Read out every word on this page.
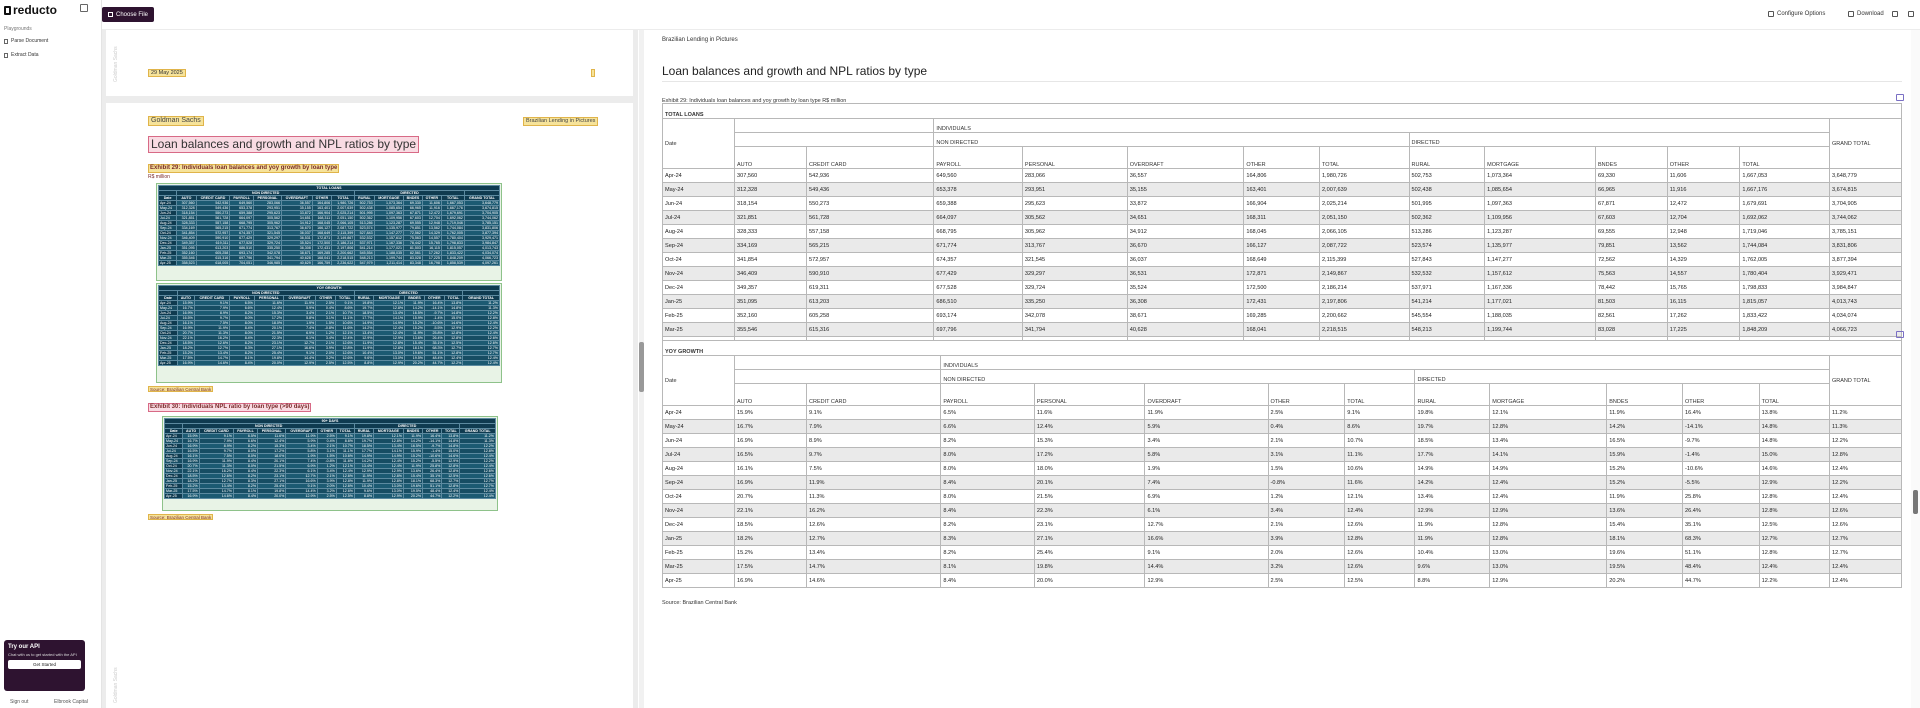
reducto
Playgrounds
Parse Document
Extract Data
Try our API
Chat with us to get started with the API
Get Started
Sign out	Elbrook Capital
Choose File	Configure Options	Download
Goldman Sachs	29 May 2025
Goldman Sachs
Goldman Sachs	Brazilian Lending in Pictures
Loan balances and growth and NPL ratios by type
Exhibit 29: Individuals loan balances and yoy growth by loan type
R$ million
TOTAL LOANS													
	NON DIRECTED							DIRECTED					
Date	AUTO	CREDIT CARD	PAYROLL	PERSONAL	OVERDRAFT	OTHER	TOTAL	RURAL	MORTGAGE	BNDES	OTHER	TOTAL	GRAND TOTAL
Apr-24	307,560	542,936	649,560	283,066	36,557	164,806	1,980,726	502,753	1,073,364	69,330	11,606	1,667,053	3,648,779
May-24	312,328	549,436	653,378	293,951	35,155	163,401	2,007,639	502,438	1,085,654	66,965	11,916	1,667,176	3,674,815
Jun-24	318,154	550,273	659,388	295,623	33,872	166,904	2,025,214	501,995	1,097,363	67,871	12,472	1,679,691	3,704,905
Jul-24	321,851	561,728	664,097	305,562	34,651	168,311	2,051,150	502,362	1,109,956	67,603	12,704	1,692,062	3,744,062
Aug-24	328,333	557,158	668,795	305,962	34,912	168,045	2,066,105	513,286	1,123,287	69,555	12,948	1,719,046	3,785,151
Sep-24	334,169	565,215	671,774	313,767	36,670	166,127	2,087,722	523,574	1,135,977	79,851	13,562	1,744,084	3,831,806
Oct-24	341,854	572,957	674,357	321,545	36,037	168,649	2,115,399	527,843	1,147,277	72,562	14,329	1,762,005	3,877,394
Nov-24	346,409	590,910	677,429	329,297	36,531	172,871	2,149,867	532,532	1,157,612	75,563	14,557	1,780,404	3,929,471
Dec-24	349,357	619,311	677,528	329,724	35,524	172,500	2,186,214	537,971	1,167,336	78,442	15,765	1,798,833	3,984,847
Jan-25	351,095	613,203	686,510	335,250	36,308	172,431	2,197,806	541,214	1,177,021	81,503	16,115	1,815,057	4,013,743
Feb-25	352,160	605,258	693,174	342,078	38,671	169,285	2,200,662	545,554	1,188,035	82,561	17,262	1,833,422	4,034,074
Mar-25	355,546	615,316	697,796	341,794	40,628	168,041	2,218,515	548,213	1,199,744	83,028	17,225	1,848,209	4,066,723
Apr-25	358,523	618,005	704,051	346,985	40,629	166,759	2,236,622	547,979	1,211,414	83,348	16,798	1,858,539	4,097,261
YOY GROWTH													
	NON DIRECTED							DIRECTED					
Date	AUTO	CREDIT CARD	PAYROLL	PERSONAL	OVERDRAFT	OTHER	TOTAL	RURAL	MORTGAGE	BNDES	OTHER	TOTAL	GRAND TOTAL
Apr-24	15.9%	9.1%	6.5%	11.6%	11.9%	2.5%	9.1%	19.8%	12.1%	11.9%	16.4%	13.8%	11.2%
May-24	16.7%	7.9%	6.6%	12.4%	5.9%	0.4%	8.6%	19.7%	12.8%	14.2%	-14.1%	14.8%	11.3%
Jun-24	16.9%	8.9%	8.2%	15.3%	3.4%	2.1%	10.7%	18.5%	13.4%	16.5%	-9.7%	14.8%	12.2%
Jul-24	16.5%	9.7%	8.0%	17.2%	5.8%	3.1%	11.1%	17.7%	14.1%	15.9%	-1.4%	15.0%	12.8%
Aug-24	16.1%	7.5%	8.0%	18.0%	1.9%	1.5%	10.6%	14.9%	14.9%	15.2%	-10.6%	14.6%	12.4%
Sep-24	16.9%	11.9%	8.4%	20.1%	7.4%	-0.8%	11.6%	14.2%	12.4%	15.2%	-5.5%	12.9%	12.2%
Oct-24	20.7%	11.3%	8.0%	21.5%	6.9%	1.2%	12.1%	13.4%	12.4%	11.9%	25.8%	12.8%	12.4%
Nov-24	22.1%	16.2%	8.4%	22.3%	6.1%	3.4%	12.4%	12.9%	12.9%	13.6%	26.4%	12.8%	12.6%
Dec-24	18.5%	12.6%	8.2%	23.1%	12.7%	2.1%	12.6%	11.9%	12.8%	15.4%	35.1%	12.5%	12.6%
Jan-25	18.2%	12.7%	8.3%	27.1%	16.6%	3.9%	12.8%	11.9%	12.8%	18.1%	68.3%	12.7%	12.7%
Feb-25	15.2%	13.4%	8.2%	25.4%	9.1%	2.0%	12.6%	10.4%	13.0%	19.6%	51.1%	12.8%	12.7%
Mar-25	17.5%	14.7%	8.1%	19.8%	14.4%	3.2%	12.6%	9.6%	13.0%	19.5%	48.4%	12.4%	12.4%
Apr-25	16.9%	14.6%	8.4%	20.0%	12.9%	2.5%	12.5%	8.8%	12.9%	20.2%	44.7%	12.2%	12.4%
Source: Brazilian Central Bank
Exhibit 30: Individuals NPL ratio by loan type (>90 days)
90+ DAYS													
	NON DIRECTED							DIRECTED					
Date	AUTO	CREDIT CARD	PAYROLL	PERSONAL	OVERDRAFT	OTHER	TOTAL	RURAL	MORTGAGE	BNDES	OTHER	TOTAL	GRAND TOTAL
Apr-24	15.9%	9.1%	6.5%	11.6%	11.9%	2.5%	9.1%	19.8%	12.1%	11.9%	16.4%	13.8%	11.2%
May-24	16.7%	7.9%	6.6%	12.4%	5.9%	0.4%	8.6%	19.7%	12.8%	14.2%	-14.1%	14.8%	11.3%
Jun-24	16.9%	8.9%	8.2%	15.3%	3.4%	2.1%	10.7%	18.5%	13.4%	16.5%	-9.7%	14.8%	12.2%
Jul-24	16.5%	9.7%	8.0%	17.2%	5.8%	3.1%	11.1%	17.7%	14.1%	15.9%	-1.4%	15.0%	12.8%
Aug-24	16.1%	7.5%	8.0%	18.0%	1.9%	1.5%	10.6%	14.9%	14.9%	15.2%	-10.6%	14.6%	12.4%
Sep-24	16.9%	11.9%	8.4%	20.1%	7.4%	-0.8%	11.6%	14.2%	12.4%	15.2%	-5.5%	12.9%	12.2%
Oct-24	20.7%	11.3%	8.0%	21.5%	6.9%	1.2%	12.1%	13.4%	12.4%	11.9%	25.8%	12.8%	12.4%
Nov-24	22.1%	16.2%	8.4%	22.3%	6.1%	3.4%	12.4%	12.9%	12.9%	13.6%	26.4%	12.8%	12.6%
Dec-24	18.5%	12.6%	8.2%	23.1%	12.7%	2.1%	12.6%	11.9%	12.8%	15.4%	35.1%	12.5%	12.6%
Jan-25	18.2%	12.7%	8.3%	27.1%	16.6%	3.9%	12.8%	11.9%	12.8%	18.1%	68.3%	12.7%	12.7%
Feb-25	15.2%	13.4%	8.2%	25.4%	9.1%	2.0%	12.6%	10.4%	13.0%	19.6%	51.1%	12.8%	12.7%
Mar-25	17.5%	14.7%	8.1%	19.8%	14.4%	3.2%	12.6%	9.6%	13.0%	19.5%	48.4%	12.4%	12.4%
Apr-25	16.9%	14.6%	8.4%	20.0%	12.9%	2.5%	12.5%	8.8%	12.9%	20.2%	44.7%	12.2%	12.4%
Source: Brazilian Central Bank
Brazilian Lending in Pictures
Loan balances and growth and NPL ratios by type
Exhibit 29: Individuals loan balances and yoy growth by loan type R$ million
TOTAL LOANS													
Date			INDIVIDUALS										GRAND TOTAL
			NON DIRECTED					DIRECTED					
	AUTO	CREDIT CARD	PAYROLL	PERSONAL	OVERDRAFT	OTHER	TOTAL	RURAL	MORTGAGE	BNDES	OTHER	TOTAL	
Apr-24	307,560	542,936	649,560	283,066	36,557	164,806	1,980,726	502,753	1,073,364	69,330	11,606	1,667,053	3,648,779
May-24	312,328	549,436	653,378	293,951	35,155	163,401	2,007,639	502,438	1,085,654	66,965	11,916	1,667,176	3,674,815
Jun-24	318,154	550,273	659,388	295,623	33,872	166,904	2,025,214	501,995	1,097,363	67,871	12,472	1,679,691	3,704,905
Jul-24	321,851	561,728	664,097	305,562	34,651	168,311	2,051,150	502,362	1,109,956	67,603	12,704	1,692,062	3,744,062
Aug-24	328,333	557,158	668,795	305,962	34,912	168,045	2,066,105	513,286	1,123,287	69,555	12,948	1,719,046	3,785,151
Sep-24	334,169	565,215	671,774	313,767	36,670	166,127	2,087,722	523,574	1,135,977	79,851	13,562	1,744,084	3,831,806
Oct-24	341,854	572,957	674,357	321,545	36,037	168,649	2,115,399	527,843	1,147,277	72,562	14,329	1,762,005	3,877,394
Nov-24	346,409	590,910	677,429	329,297	36,531	172,871	2,149,867	532,532	1,157,612	75,563	14,557	1,780,404	3,929,471
Dec-24	349,357	619,311	677,528	329,724	35,524	172,500	2,186,214	537,971	1,167,336	78,442	15,765	1,798,833	3,984,847
Jan-25	351,095	613,203	686,510	335,250	36,308	172,431	2,197,806	541,214	1,177,021	81,503	16,115	1,815,057	4,013,743
Feb-25	352,160	605,258	693,174	342,078	38,671	169,285	2,200,662	545,554	1,188,035	82,561	17,262	1,833,422	4,034,074
Mar-25	355,546	615,316	697,796	341,794	40,628	168,041	2,218,515	548,213	1,199,744	83,028	17,225	1,848,209	4,066,723

YOY GROWTH													
Date			INDIVIDUALS										GRAND TOTAL
			NON DIRECTED					DIRECTED					
	AUTO	CREDIT CARD	PAYROLL	PERSONAL	OVERDRAFT	OTHER	TOTAL	RURAL	MORTGAGE	BNDES	OTHER	TOTAL	
Apr-24	15.9%	9.1%	6.5%	11.6%	11.9%	2.5%	9.1%	19.8%	12.1%	11.9%	16.4%	13.8%	11.2%
May-24	16.7%	7.9%	6.6%	12.4%	5.9%	0.4%	8.6%	19.7%	12.8%	14.2%	-14.1%	14.8%	11.3%
Jun-24	16.9%	8.9%	8.2%	15.3%	3.4%	2.1%	10.7%	18.5%	13.4%	16.5%	-9.7%	14.8%	12.2%
Jul-24	16.5%	9.7%	8.0%	17.2%	5.8%	3.1%	11.1%	17.7%	14.1%	15.9%	-1.4%	15.0%	12.8%
Aug-24	16.1%	7.5%	8.0%	18.0%	1.9%	1.5%	10.6%	14.9%	14.9%	15.2%	-10.6%	14.6%	12.4%
Sep-24	16.9%	11.9%	8.4%	20.1%	7.4%	-0.8%	11.6%	14.2%	12.4%	15.2%	-5.5%	12.9%	12.2%
Oct-24	20.7%	11.3%	8.0%	21.5%	6.9%	1.2%	12.1%	13.4%	12.4%	11.9%	25.8%	12.8%	12.4%
Nov-24	22.1%	16.2%	8.4%	22.3%	6.1%	3.4%	12.4%	12.9%	12.9%	13.6%	26.4%	12.8%	12.6%
Dec-24	18.5%	12.6%	8.2%	23.1%	12.7%	2.1%	12.6%	11.9%	12.8%	15.4%	35.1%	12.5%	12.6%
Jan-25	18.2%	12.7%	8.3%	27.1%	16.6%	3.9%	12.8%	11.9%	12.8%	18.1%	68.3%	12.7%	12.7%
Feb-25	15.2%	13.4%	8.2%	25.4%	9.1%	2.0%	12.6%	10.4%	13.0%	19.6%	51.1%	12.8%	12.7%
Mar-25	17.5%	14.7%	8.1%	19.8%	14.4%	3.2%	12.6%	9.6%	13.0%	19.5%	48.4%	12.4%	12.4%
Apr-25	16.9%	14.6%	8.4%	20.0%	12.9%	2.5%	12.5%	8.8%	12.9%	20.2%	44.7%	12.2%	12.4%
Source: Brazilian Central Bank
